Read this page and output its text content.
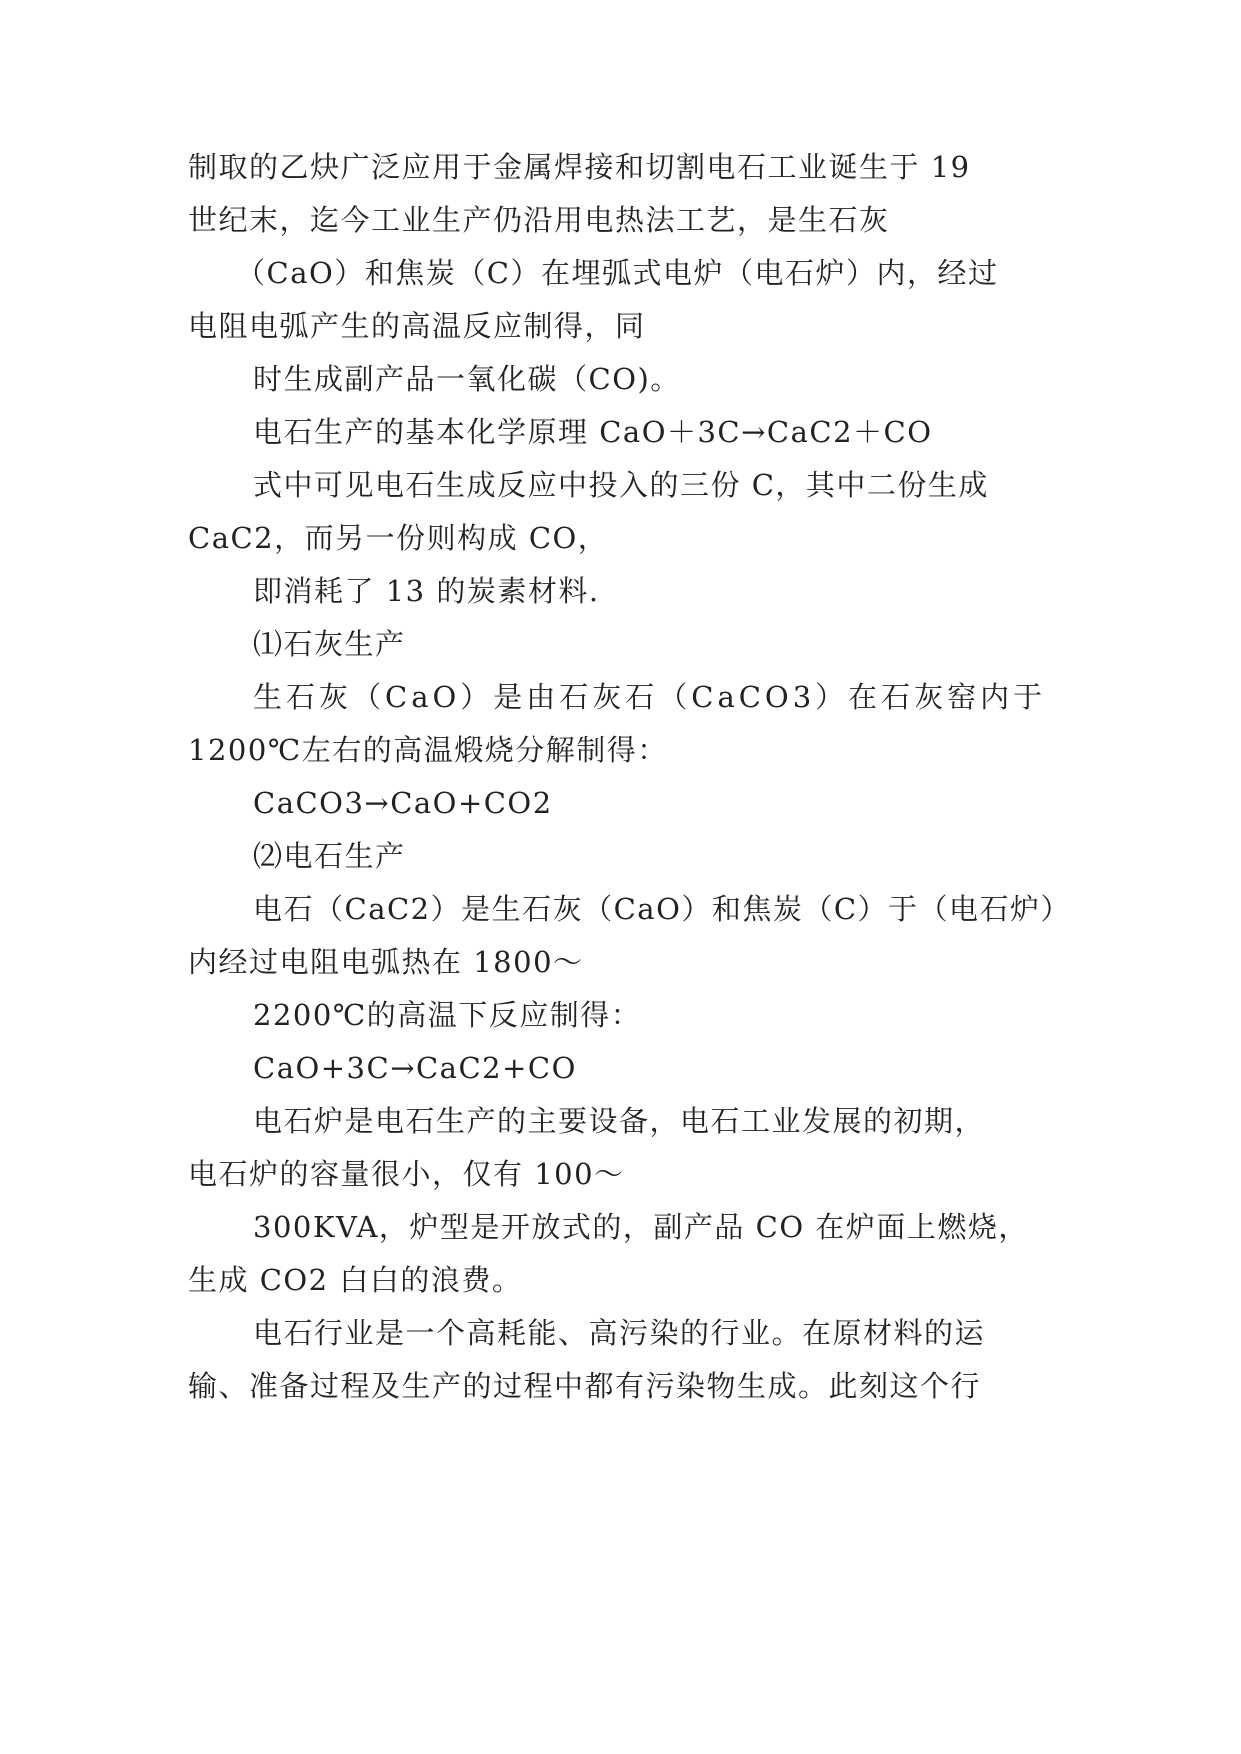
制取的乙炔广泛应用于金属焊接和切割电石工业诞生于 19
世纪末，迄今工业生产仍沿用电热法工艺，是生石灰
（CaO）和焦炭（C）在埋弧式电炉（电石炉）内，经过
电阻电弧产生的高温反应制得，同
时生成副产品一氧化碳（CO)。
电石生产的基本化学原理 CaO＋3C→CaC2＋CO
式中可见电石生成反应中投入的三份 C，其中二份生成
CaC2，而另一份则构成 CO，
即消耗了 13 的炭素材料.
⑴石灰生产
生石灰（CaO）是由石灰石（CaCO3）在石灰窑内于
1200℃左右的高温煅烧分解制得：
CaCO3→CaO+CO2
⑵电石生产
电石（CaC2）是生石灰（CaO）和焦炭（C）于（电石炉）
内经过电阻电弧热在 1800～
2200℃的高温下反应制得：
CaO+3C→CaC2+CO
电石炉是电石生产的主要设备，电石工业发展的初期，
电石炉的容量很小，仅有 100～
300KVA，炉型是开放式的，副产品 CO 在炉面上燃烧，
生成 CO2 白白的浪费。
电石行业是一个高耗能、高污染的行业。在原材料的运
输、准备过程及生产的过程中都有污染物生成。此刻这个行
